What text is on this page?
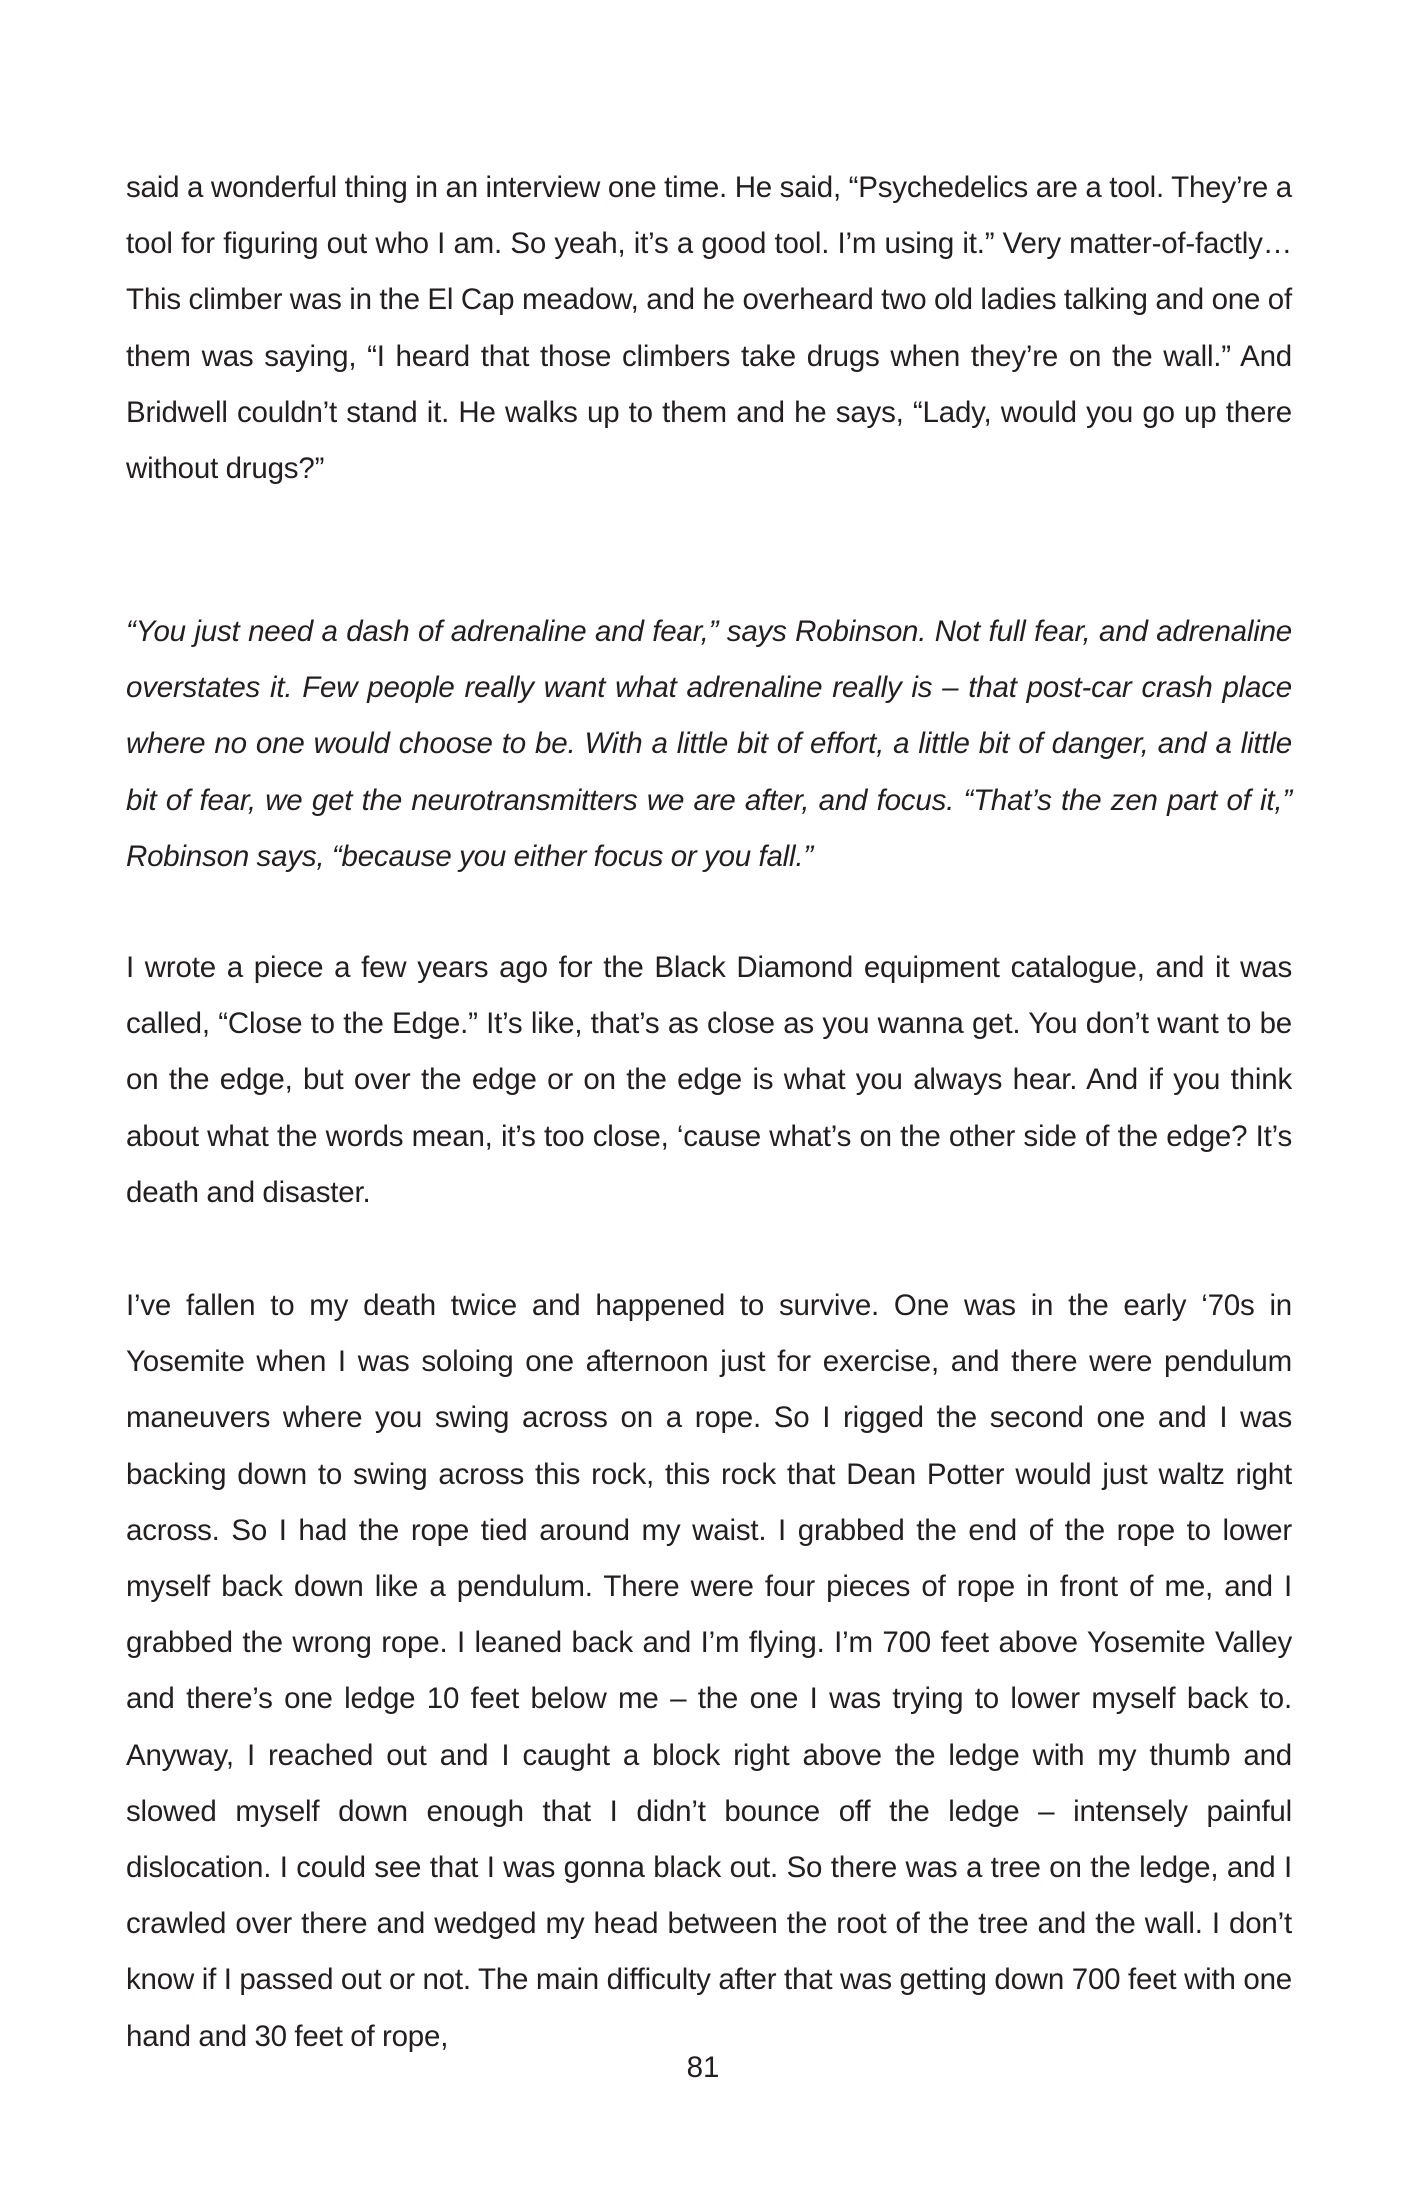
said a wonderful thing in an interview one time. He said, “Psychedelics are a tool. They’re a tool for figuring out who I am. So yeah, it’s a good tool. I’m using it.” Very matter-of-factly… This climber was in the El Cap meadow, and he overheard two old ladies talking and one of them was saying, “I heard that those climbers take drugs when they’re on the wall.” And Bridwell couldn’t stand it. He walks up to them and he says, “Lady, would you go up there without drugs?”

“You just need a dash of adrenaline and fear,” says Robinson. Not full fear, and adrenaline overstates it. Few people really want what adrenaline really is – that post-car crash place where no one would choose to be. With a little bit of effort, a little bit of danger, and a little bit of fear, we get the neurotransmitters we are after, and focus. “That’s the zen part of it,” Robinson says, “because you either focus or you fall.”

I wrote a piece a few years ago for the Black Diamond equipment catalogue, and it was called, “Close to the Edge.” It’s like, that’s as close as you wanna get. You don’t want to be on the edge, but over the edge or on the edge is what you always hear. And if you think about what the words mean, it’s too close, ‘cause what’s on the other side of the edge? It’s death and disaster.

I’ve fallen to my death twice and happened to survive. One was in the early ‘70s in Yosemite when I was soloing one afternoon just for exercise, and there were pendulum maneuvers where you swing across on a rope. So I rigged the second one and I was backing down to swing across this rock, this rock that Dean Potter would just waltz right across. So I had the rope tied around my waist. I grabbed the end of the rope to lower myself back down like a pendulum. There were four pieces of rope in front of me, and I grabbed the wrong rope. I leaned back and I’m flying. I’m 700 feet above Yosemite Valley and there’s one ledge 10 feet below me – the one I was trying to lower myself back to. Anyway, I reached out and I caught a block right above the ledge with my thumb and slowed myself down enough that I didn’t bounce off the ledge – intensely painful dislocation. I could see that I was gonna black out. So there was a tree on the ledge, and I crawled over there and wedged my head between the root of the tree and the wall. I don’t know if I passed out or not. The main difficulty after that was getting down 700 feet with one hand and 30 feet of rope,

81
